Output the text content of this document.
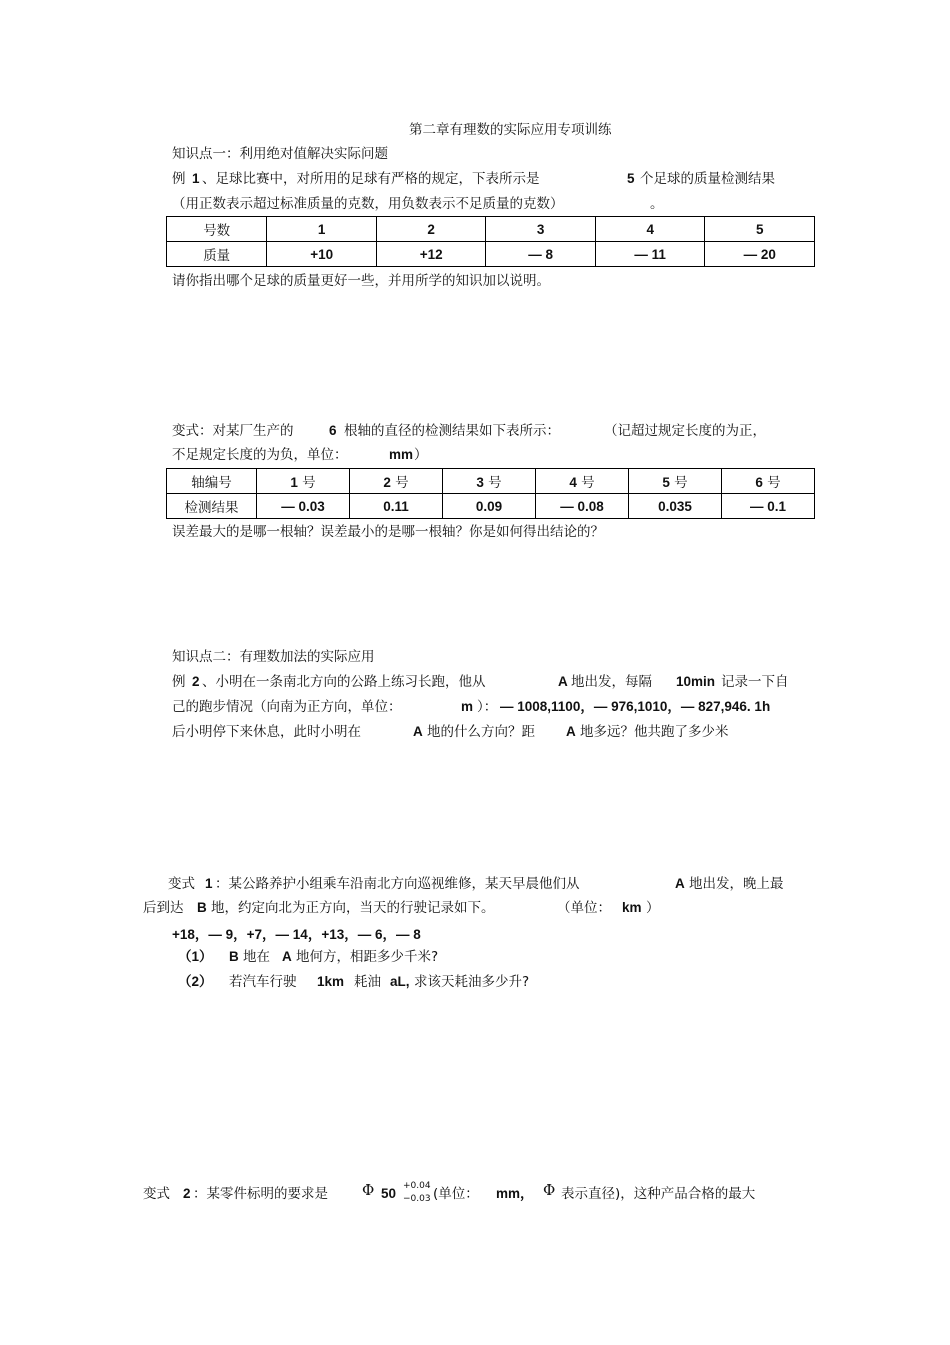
第二章有理数的实际应用专项训练
知识点一：利用绝对值解决实际问题
例 1 、足球比赛中，对所用的足球有严格的规定，下表所示是	5 个足球的质量检测结果
（用正数表示超过标准质量的克数，用负数表示不足质量的克数）	。
号数	1	2	3	4	5
质量	+10	+12	— 8	— 11	— 20
请你指出哪个足球的质量更好一些，并用所学的知识加以说明。
变式：对某厂生产的	6 根轴的直径的检测结果如下表所示：	（记超过规定长度的为正，
不足规定长度的为负，单位：	mm ）
轴编号	1 号	2 号	3 号	4 号	5 号	6 号
检测结果	— 0.03	0.11	0.09	— 0.08	0.035	— 0.1
误差最大的是哪一根轴？误差最小的是哪一根轴？你是如何得出结论的？
知识点二：有理数加法的实际应用
例 2 、小明在一条南北方向的公路上练习长跑，他从	A 地出发，每隔 10min 记录一下自
己的跑步情况（向南为正方向，单位：	m ）： — 1008,1100，— 976,1010，— 827,946. 1h
后小明停下来休息，此时小明在	A 地的什么方向？距 A 地多远？他共跑了多少米
变式 1 ：某公路养护小组乘车沿南北方向巡视维修，某天早晨他们从	A 地出发，晚上最
后到达 B 地，约定向北为正方向，当天的行驶记录如下。	（单位： km ）
+18，— 9，+7，— 14，+13，— 6，— 8
（1） B 地在 A 地何方，相距多少千米?
（2） 若汽车行驶 1km 耗油 aL, 求该天耗油多少升?
变式 2 ：某零件标明的要求是 Φ 50 +0.04
−0.03 (单位： mm， Φ 表示直径)，这种产品合格的最大
